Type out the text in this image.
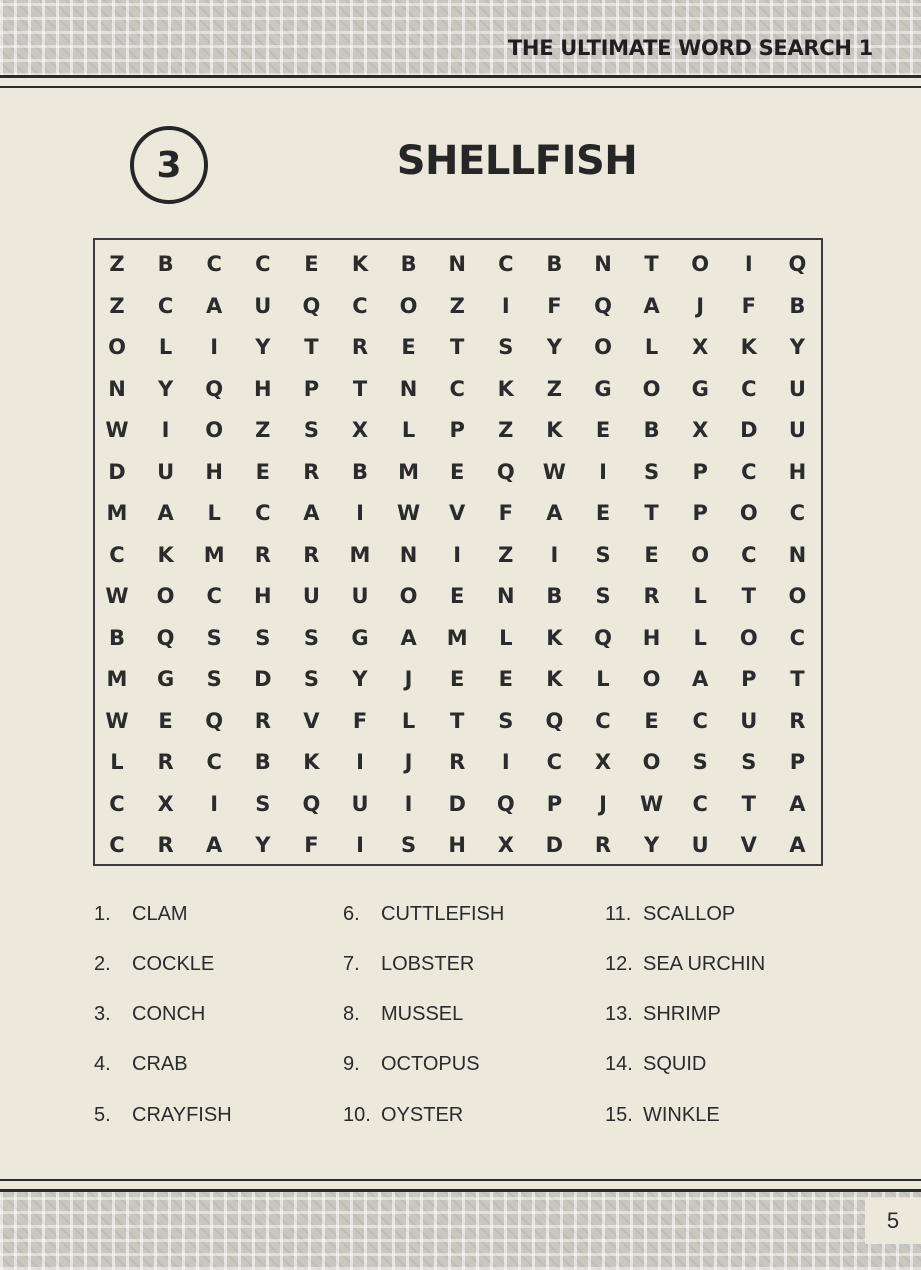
THE ULTIMATE WORD SEARCH 1
3	SHELLFISH
Z	B	C	C	E	K	B	N	C	B	N	T	O	I	Q
Z	C	A	U	Q	C	O	Z	I	F	Q	A	J	F	B
O	L	I	Y	T	R	E	T	S	Y	O	L	X	K	Y
N	Y	Q	H	P	T	N	C	K	Z	G	O	G	C	U
W	I	O	Z	S	X	L	P	Z	K	E	B	X	D	U
D	U	H	E	R	B	M	E	Q	W	I	S	P	C	H
M	A	L	C	A	I	W	V	F	A	E	T	P	O	C
C	K	M	R	R	M	N	I	Z	I	S	E	O	C	N
W	O	C	H	U	U	O	E	N	B	S	R	L	T	O
B	Q	S	S	S	G	A	M	L	K	Q	H	L	O	C
M	G	S	D	S	Y	J	E	E	K	L	O	A	P	T
W	E	Q	R	V	F	L	T	S	Q	C	E	C	U	R
L	R	C	B	K	I	J	R	I	C	X	O	S	S	P
C	X	I	S	Q	U	I	D	Q	P	J	W	C	T	A
C	R	A	Y	F	I	S	H	X	D	R	Y	U	V	A
1.	CLAM
2.	COCKLE
3.	CONCH
4.	CRAB
5.	CRAYFISH
6.	CUTTLEFISH
7.	LOBSTER
8.	MUSSEL
9.	OCTOPUS
10. OYSTER
11. SCALLOP
12. SEA URCHIN
13. SHRIMP
14. SQUID
15. WINKLE
5
